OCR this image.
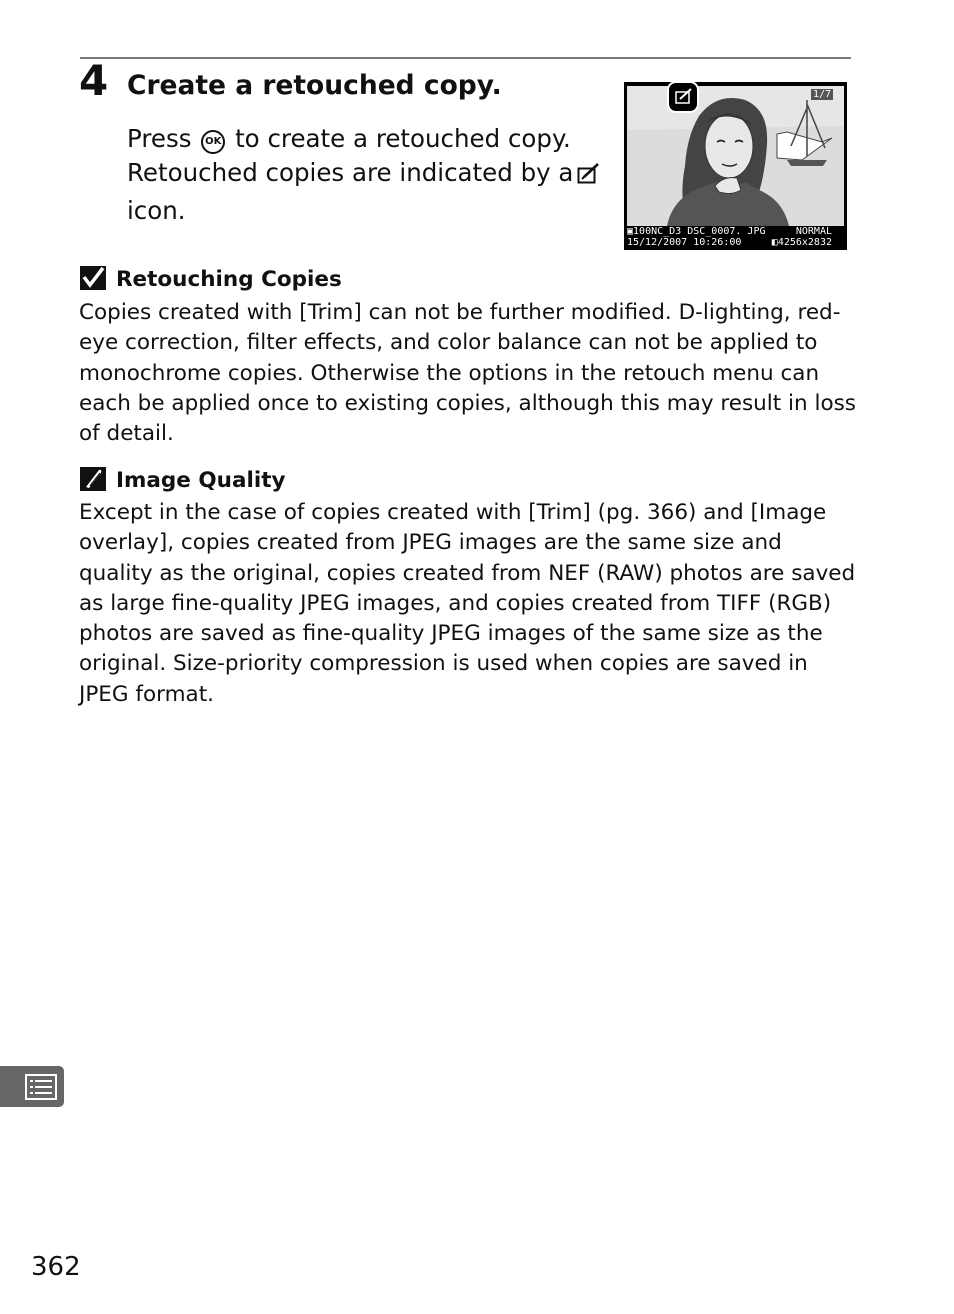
4 Create a retouched copy.
Press OK to create a retouched copy.
Retouched copies are indicated by a
icon.
1/7
▣100NC_D3 DSC_0007. JPG	NORMAL
15/12/2007 10:26:00	◧4256x2832
Retouching Copies
Copies created with [Trim] can not be further modified. D-lighting, red-eye correction, filter effects, and color balance can not be applied to monochrome copies. Otherwise the options in the retouch menu can each be applied once to existing copies, although this may result in loss of detail.
Image Quality
Except in the case of copies created with [Trim] (pg. 366) and [Image overlay], copies created from JPEG images are the same size and quality as the original, copies created from NEF (RAW) photos are saved as large fine-quality JPEG images, and copies created from TIFF (RGB) photos are saved as fine-quality JPEG images of the same size as the original. Size-priority compression is used when copies are saved in JPEG format.
362
